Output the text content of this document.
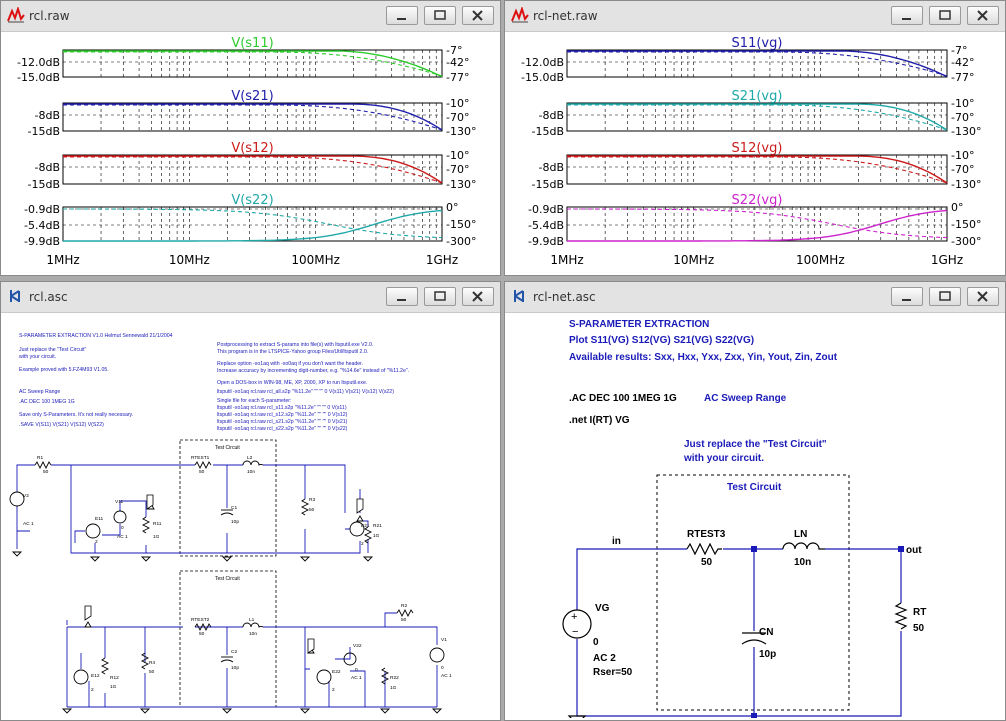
rcl.raw

V(s11)
-12.0dB
-15.0dB
-7°
-42°
-77°
V(s21)
-8dB
-15dB
-10°
-70°
-130°
V(s12)
-8dB
-15dB
-10°
-70°
-130°
V(s22)
-0.9dB
-5.4dB
-9.9dB
0°
-150°
-300°
1MHz	10MHz	100MHz	1GHz
rcl-net.raw

S11(vg)
-12.0dB
-15.0dB
-7°
-42°
-77°
S21(vg)
-8dB
-15dB
-10°
-70°
-130°
S12(vg)
-8dB
-15dB
-10°
-70°
-130°
S22(vg)
-0.9dB
-5.4dB
-9.9dB
0°
-150°
-300°
1MHz	10MHz	100MHz	1GHz
rcl.asc

S-PARAMETER EXTRACTION V1.0 Helmut Sennewald 21/1/2004
Just replace the "Test Circuit"
with your circuit.
Example proved with 5.FZ4M93 V1.05.
AC Sweep Range
.AC DEC 100 1MEG 1G
Save only S-Parameters. It's not really necessary.
.SAVE V(S11) V(S21) V(S12) V(S22)
Postprocessing to extract S-params into file(s) with ltsputil.exe V2.0.
This program is in the LTSPICE-Yahoo group Files/Util/ltsputil 2.0.
Replace option -xo1aq with -xo0aq if you don't want the header.
Increase accuracy by incrementing digit-number, e.g. "%14.6e" instead of "%11.2e".
Open a DOS-box in WIN-98, ME, XP, 2000, XP to run ltsputil.exe.
ltsputil -xo1aq rcl.raw rcl_all.s2p "%11.2e" "" "" 0 V(s11) V(s21) V(s12) V(s22)
Single file for each S-parameter:
ltsputil -xo1aq rcl.raw rcl_s11.s2p "%11.2e" "" "" 0 V(s11)
ltsputil -xo1aq rcl.raw rcl_s12.s2p "%11.2e" "" "" 0 V(s12)
ltsputil -xo1aq rcl.raw rcl_s21.s2p "%11.2e" "" "" 0 V(s21)
ltsputil -xo1aq rcl.raw rcl_s22.s2p "%11.2e" "" "" 0 V(s22)
Test Circuit
Test Circuit
R1
50
RTEST1
50
L2
10n
V2
AC 1
V11
0
AC 1
E11
2
R11
1G
C1
10p
R3
50
E21
2
R21
1G
RTEST2
50
L1
10n
C2
10p
R4
50
E12
2
R12
1G
V22
0
AC 1
E22
2
R22
1G
R2
50
V1
0
AC 1
rcl-net.asc

S-PARAMETER EXTRACTION
Plot S11(VG) S12(VG) S21(VG) S22(VG)
Available results: Sxx, Hxx, Yxx, Zxx, Yin, Yout, Zin, Zout
AC Sweep Range
Just replace the "Test Circuit"
with your circuit.
.AC DEC 100 1MEG 1G
.net I(RT) VG
Test Circuit
+
−
in
out
RTEST3
50
LN
10n
CN
10p
RT
50
VG
0
AC 2
Rser=50
